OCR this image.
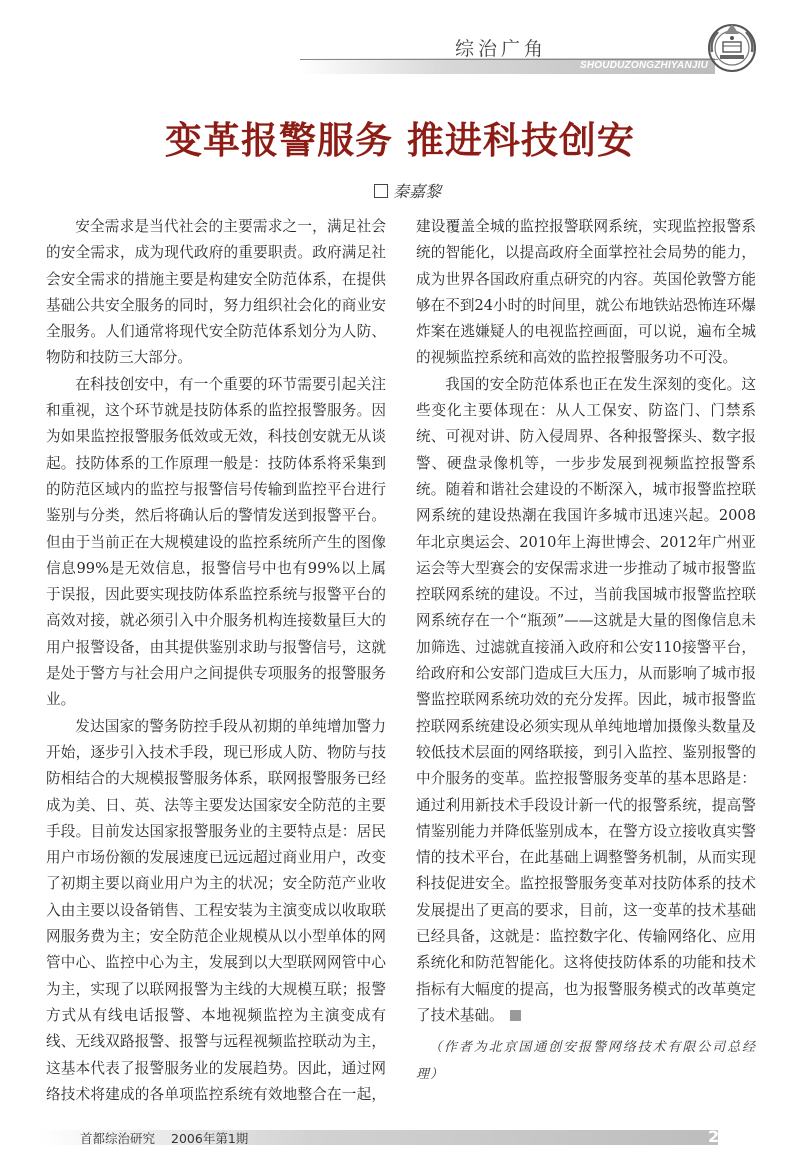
综治广角
SHOUDUZONGZHIYANJIU
变革报警服务 推进科技创安
秦嘉黎

安全需求是当代社会的主要需求之一，满足社会的安全需求，成为现代政府的重要职责。政府满足社会安全需求的措施主要是构建安全防范体系，在提供基础公共安全服务的同时，努力组织社会化的商业安全服务。人们通常将现代安全防范体系划分为人防、物防和技防三大部分。

在科技创安中，有一个重要的环节需要引起关注和重视，这个环节就是技防体系的监控报警服务。因为如果监控报警服务低效或无效，科技创安就无从谈起。技防体系的工作原理一般是：技防体系将采集到的防范区域内的监控与报警信号传输到监控平台进行鉴别与分类，然后将确认后的警情发送到报警平台。但由于当前正在大规模建设的监控系统所产生的图像信息99%是无效信息，报警信号中也有99%以上属于误报，因此要实现技防体系监控系统与报警平台的高效对接，就必须引入中介服务机构连接数量巨大的用户报警设备，由其提供鉴别求助与报警信号，这就是处于警方与社会用户之间提供专项服务的报警服务业。

发达国家的警务防控手段从初期的单纯增加警力开始，逐步引入技术手段，现已形成人防、物防与技防相结合的大规模报警服务体系，联网报警服务已经成为美、日、英、法等主要发达国家安全防范的主要手段。目前发达国家报警服务业的主要特点是：居民用户市场份额的发展速度已远远超过商业用户，改变了初期主要以商业用户为主的状况；安全防范产业收入由主要以设备销售、工程安装为主演变成以收取联网服务费为主；安全防范企业规模从以小型单体的网管中心、监控中心为主，发展到以大型联网网管中心为主，实现了以联网报警为主线的大规模互联；报警方式从有线电话报警、本地视频监控为主演变成有线、无线双路报警、报警与远程视频监控联动为主，这基本代表了报警服务业的发展趋势。因此，通过网络技术将建成的各单项监控系统有效地整合在一起，建设覆盖全城的监控报警联网系统，实现监控报警系统的智能化，以提高政府全面掌控社会局势的能力，成为世界各国政府重点研究的内容。英国伦敦警方能够在不到24小时的时间里，就公布地铁站恐怖连环爆炸案在逃嫌疑人的电视监控画面，可以说，遍布全城的视频监控系统和高效的监控报警服务功不可没。

我国的安全防范体系也正在发生深刻的变化。这些变化主要体现在：从人工保安、防盗门、门禁系统、可视对讲、防入侵周界、各种报警探头、数字报警、硬盘录像机等，一步步发展到视频监控报警系统。随着和谐社会建设的不断深入，城市报警监控联网系统的建设热潮在我国许多城市迅速兴起。2008年北京奥运会、2010年上海世博会、2012年广州亚运会等大型赛会的安保需求进一步推动了城市报警监控联网系统的建设。不过，当前我国城市报警监控联网系统存在一个“瓶颈”——这就是大量的图像信息未加筛选、过滤就直接涌入政府和公安110接警平台，给政府和公安部门造成巨大压力，从而影响了城市报警监控联网系统功效的充分发挥。因此，城市报警监控联网系统建设必须实现从单纯地增加摄像头数量及较低技术层面的网络联接，到引入监控、鉴别报警的中介服务的变革。监控报警服务变革的基本思路是：通过利用新技术手段设计新一代的报警系统，提高警情鉴别能力并降低鉴别成本，在警方设立接收真实警情的技术平台，在此基础上调整警务机制，从而实现科技促进安全。监控报警服务变革对技防体系的技术发展提出了更高的要求，目前，这一变革的技术基础已经具备，这就是：监控数字化、传输网络化、应用系统化和防范智能化。这将使技防体系的功能和技术指标有大幅度的提高，也为报警服务模式的改革奠定了技术基础。

（作者为北京国通创安报警网络技术有限公司总经理）

首都综治研究 2006年第1期	23
